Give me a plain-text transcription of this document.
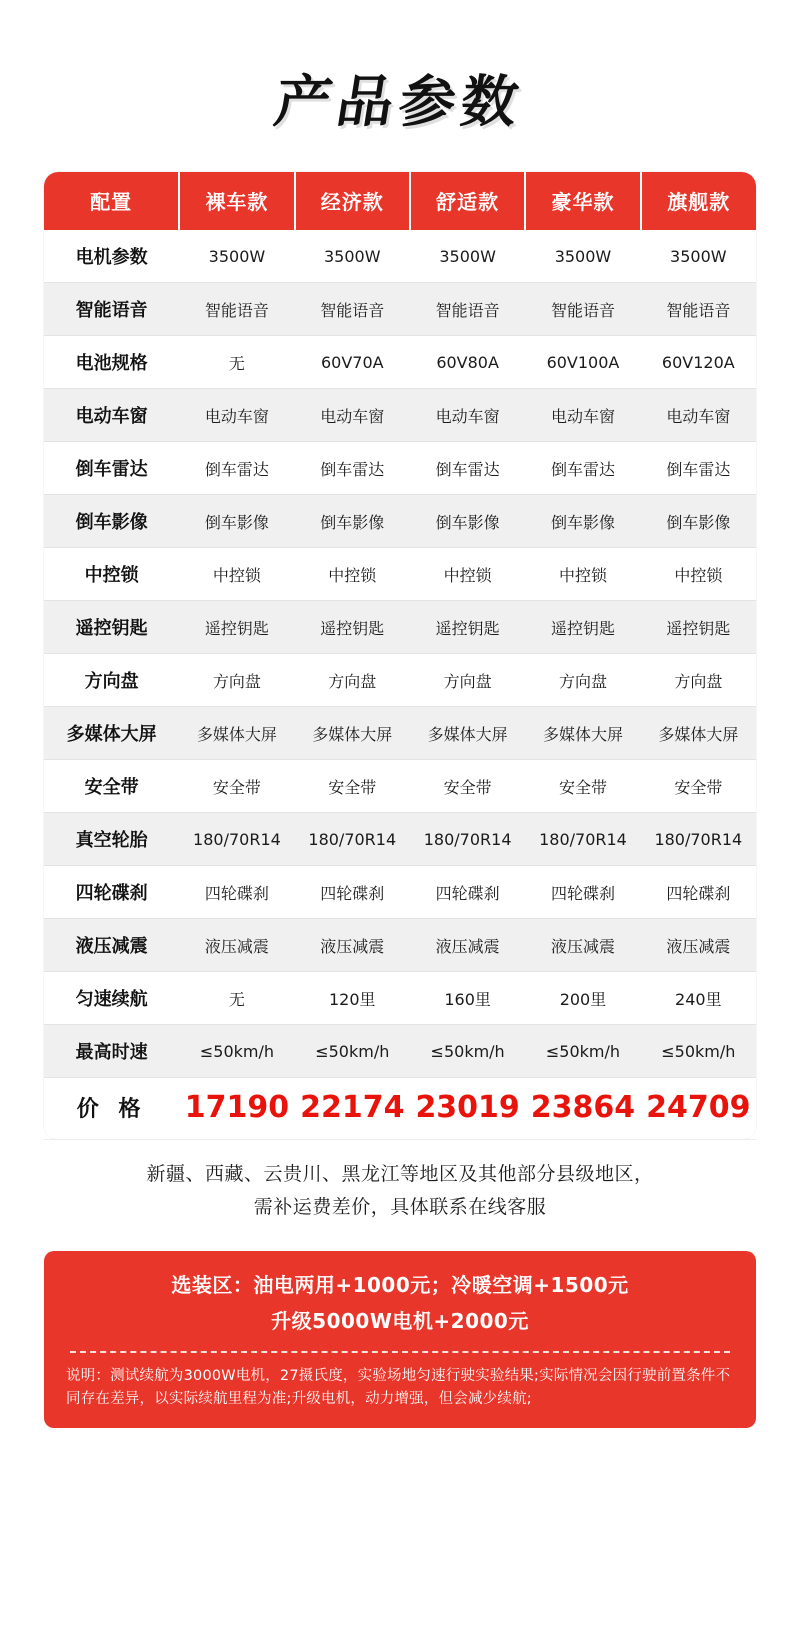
产品参数
配置	裸车款	经济款	舒适款	豪华款	旗舰款
电机参数	3500W	3500W	3500W	3500W	3500W
智能语音	智能语音	智能语音	智能语音	智能语音	智能语音
电池规格	无	60V70A	60V80A	60V100A	60V120A
电动车窗	电动车窗	电动车窗	电动车窗	电动车窗	电动车窗
倒车雷达	倒车雷达	倒车雷达	倒车雷达	倒车雷达	倒车雷达
倒车影像	倒车影像	倒车影像	倒车影像	倒车影像	倒车影像
中控锁	中控锁	中控锁	中控锁	中控锁	中控锁
遥控钥匙	遥控钥匙	遥控钥匙	遥控钥匙	遥控钥匙	遥控钥匙
方向盘	方向盘	方向盘	方向盘	方向盘	方向盘
多媒体大屏	多媒体大屏	多媒体大屏	多媒体大屏	多媒体大屏	多媒体大屏
安全带	安全带	安全带	安全带	安全带	安全带
真空轮胎	180/70R14	180/70R14	180/70R14	180/70R14	180/70R14
四轮碟刹	四轮碟刹	四轮碟刹	四轮碟刹	四轮碟刹	四轮碟刹
液压减震	液压减震	液压减震	液压减震	液压减震	液压减震
匀速续航	无	120里	160里	200里	240里
最高时速	≤50km/h	≤50km/h	≤50km/h	≤50km/h	≤50km/h
价 格	17190	22174	23019	23864	24709
新疆、西藏、云贵川、黑龙江等地区及其他部分县级地区，
需补运费差价，具体联系在线客服
选装区：油电两用+1000元；冷暖空调+1500元
升级5000W电机+2000元
说明：测试续航为3000W电机，27摄氏度，实验场地匀速行驶实验结果;实际情况会因行驶前置条件不同存在差异，以实际续航里程为准;升级电机，动力增强，但会减少续航;
